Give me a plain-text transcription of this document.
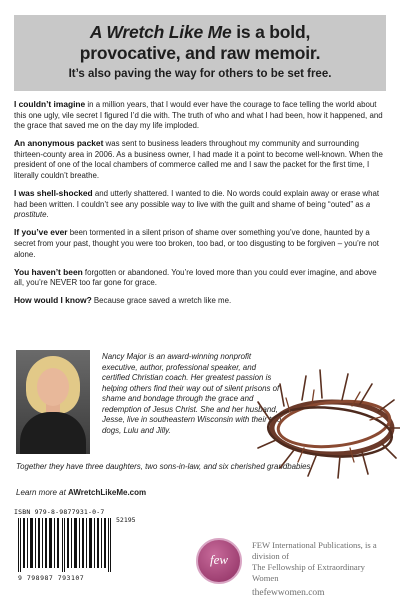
A Wretch Like Me is a bold,
provocative, and raw memoir.
It’s also paving the way for others to be set free.

I couldn’t imagine in a million years, that I would ever have the courage to face telling the world about this one ugly, vile secret I figured I’d die with. The truth of who and what I had been, how it happened, and the grace that saved me on the day my life imploded.

An anonymous packet was sent to business leaders throughout my community and surrounding thirteen-county area in 2006. As a business owner, I had made it a point to become well-known. When the president of one of the local chambers of commerce called me and I saw the packet for the first time, I literally couldn’t breathe.

I was shell-shocked and utterly shattered. I wanted to die. No words could explain away or erase what had been written. I couldn’t see any possible way to live with the guilt and shame of being “outed” as a prostitute.

If you’ve ever been tormented in a silent prison of shame over something you’ve done, haunted by a secret from your past, thought you were too broken, too bad, or too disgusting to be forgiven – you’re not alone.

You haven’t been forgotten or abandoned. You’re loved more than you could ever imagine, and above all, you’re NEVER too far gone for grace.

How would I know? Because grace saved a wretch like me.

Nancy Major is an award-winning nonprofit executive, author, professional speaker, and certified Christian coach. Her greatest passion is helping others find their way out of silent prisons of shame and bondage through the grace and redemption of Jesus Christ. She and her husband, Jesse, live in southeastern Wisconsin with their two dogs, Lulu and Jilly.
Together they have three daughters, two sons-in-law, and six cherished grandbabies.
Learn more at AWretchLikeMe.com
ISBN 979-8-9877931-0-7
52195
9 798987 793107
few
FEW International Publications, is a division of
The Fellowship of Extraordinary Women
thefewwomen.com
